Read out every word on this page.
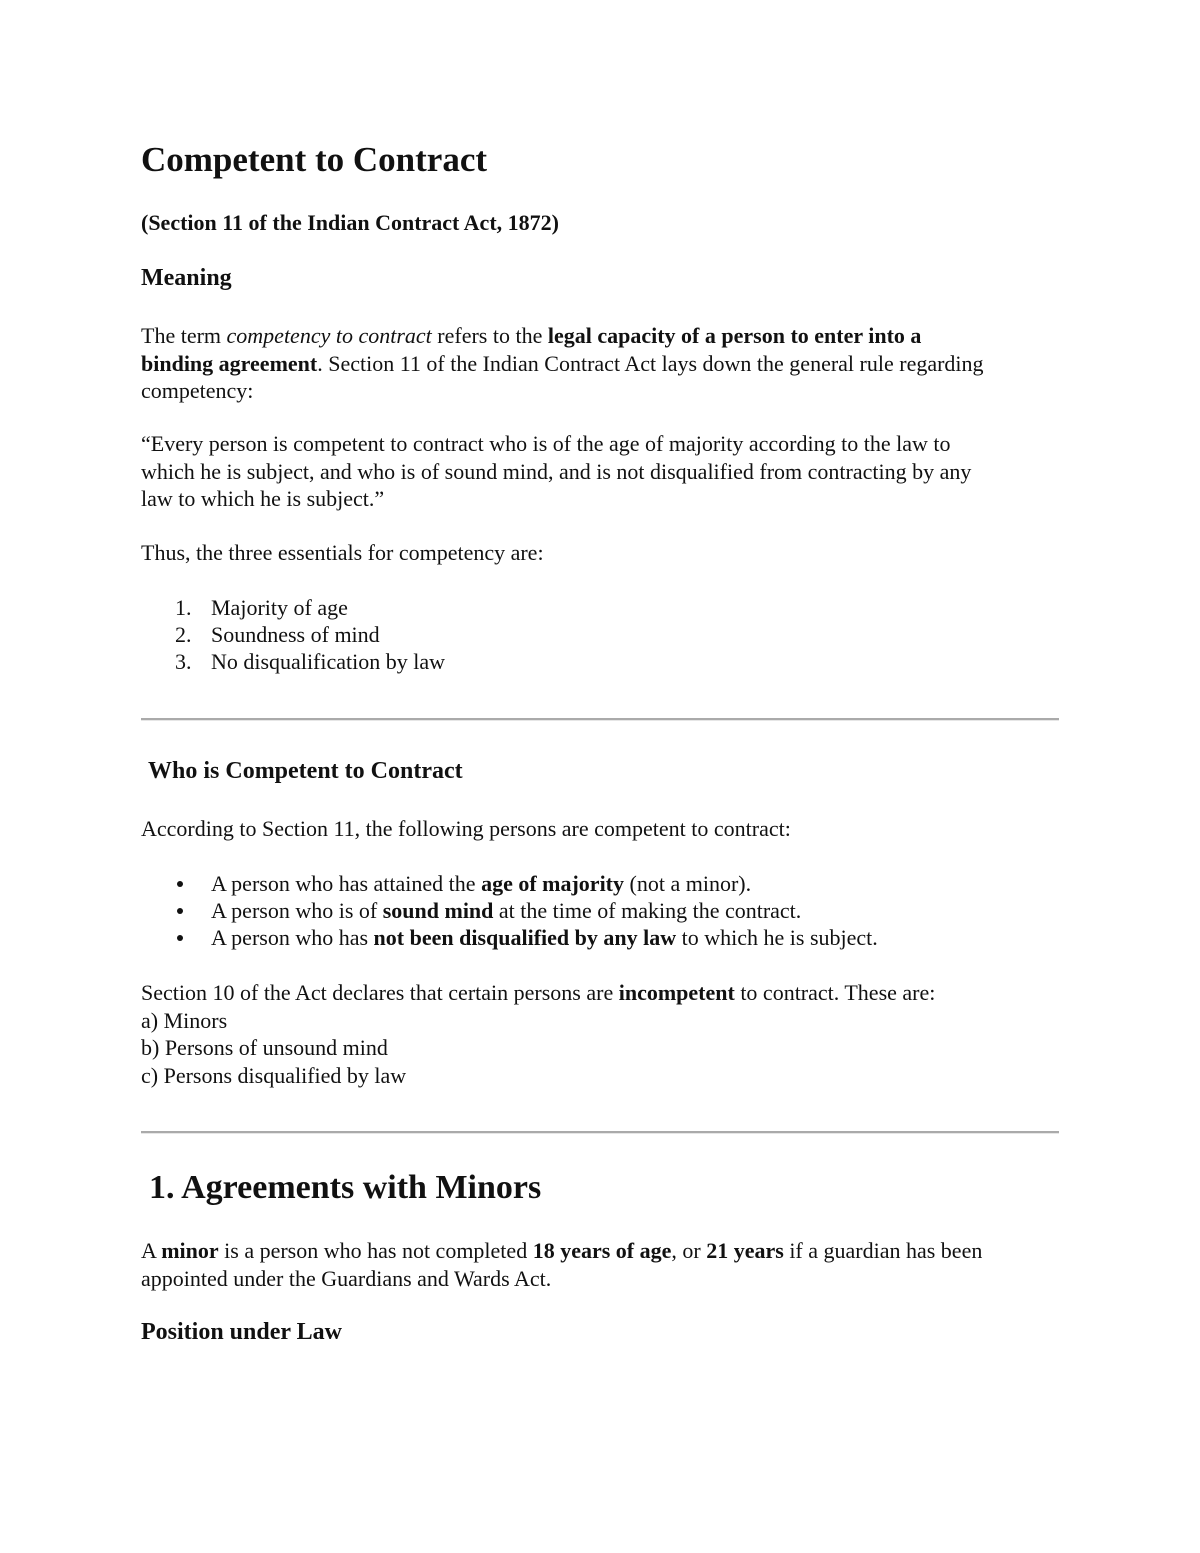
Competent to Contract
(Section 11 of the Indian Contract Act, 1872)
Meaning

The term competency to contract refers to the legal capacity of a person to enter into a

binding agreement. Section 11 of the Indian Contract Act lays down the general rule regarding

competency:

“Every person is competent to contract who is of the age of majority according to the law to

which he is subject, and who is of sound mind, and is not disqualified from contracting by any

law to which he is subject.”

Thus, the three essentials for competency are:
1. Majority of age
2. Soundness of mind
3. No disqualification by law
Who is Competent to Contract
According to Section 11, the following persons are competent to contract:
A person who has attained the age of majority (not a minor).
A person who is of sound mind at the time of making the contract.
A person who has not been disqualified by any law to which he is subject.

Section 10 of the Act declares that certain persons are incompetent to contract. These are:

a) Minors

b) Persons of unsound mind

c) Persons disqualified by law

1. Agreements with Minors

A minor is a person who has not completed 18 years of age, or 21 years if a guardian has been

appointed under the Guardians and Wards Act.

Position under Law
